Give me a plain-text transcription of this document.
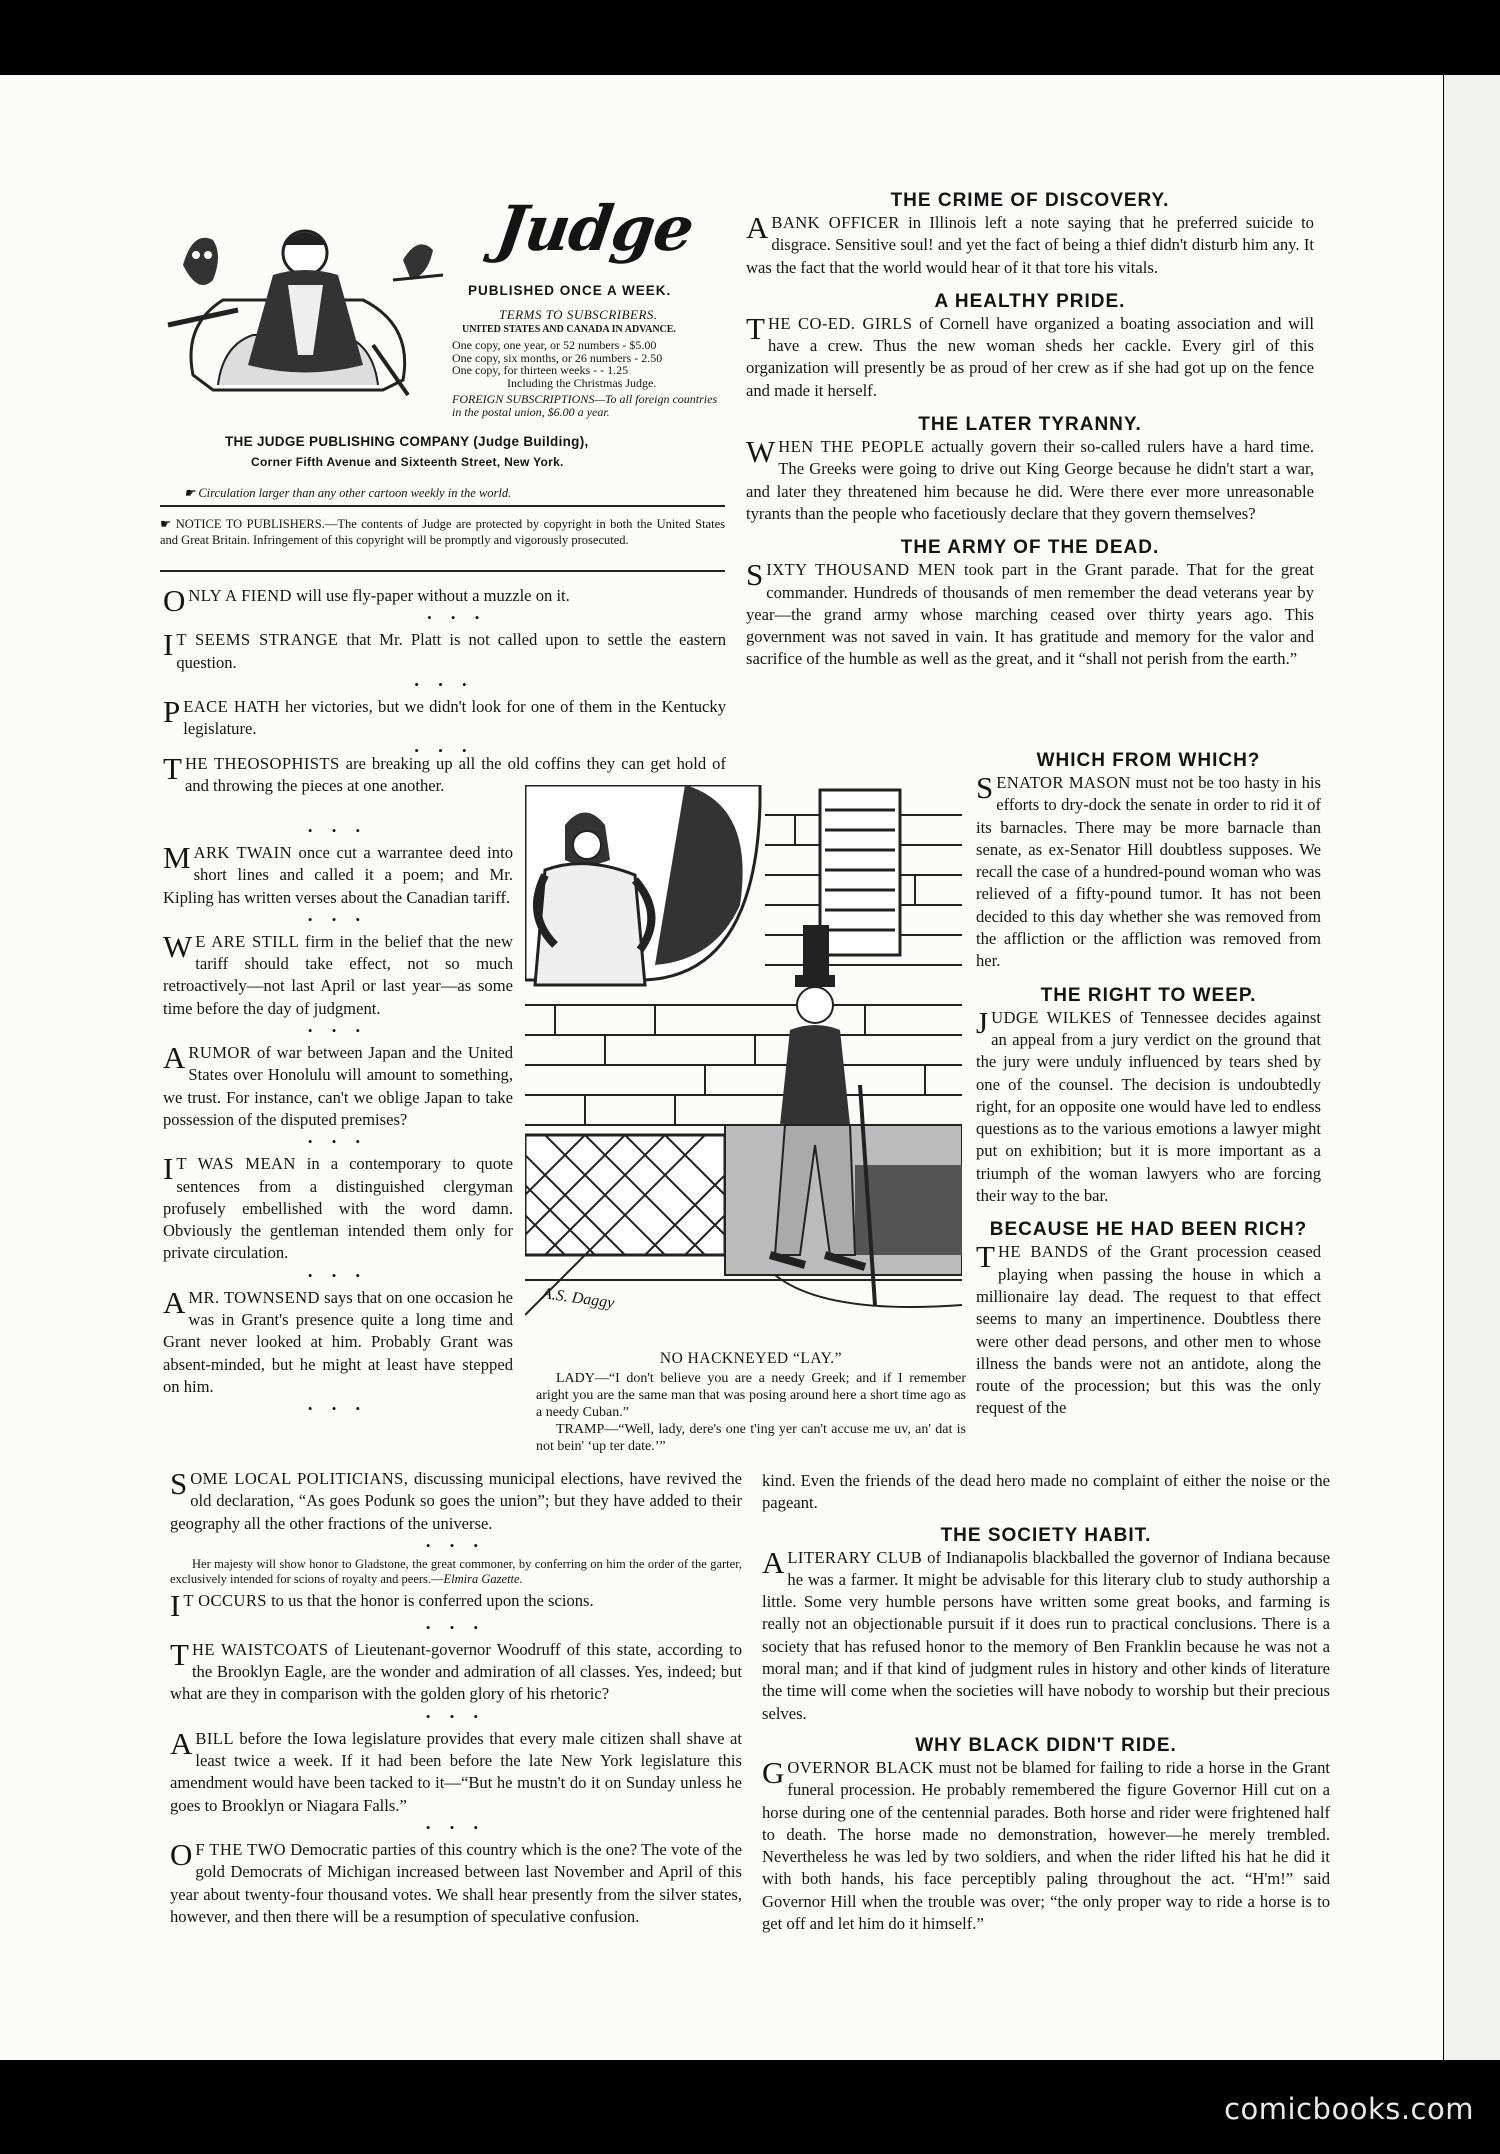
Judge
PUBLISHED ONCE A WEEK.
TERMS TO SUBSCRIBERS.
UNITED STATES AND CANADA IN ADVANCE.
One copy, one year, or 52 numbers - $5.00
One copy, six months, or 26 numbers - 2.50
One copy, for thirteen weeks - - 1.25
Including the Christmas Judge.
FOREIGN SUBSCRIPTIONS—To all foreign countries in the postal union, $6.00 a year.
THE JUDGE PUBLISHING COMPANY (Judge Building),
Corner Fifth Avenue and Sixteenth Street, New York.
☛ Circulation larger than any other cartoon weekly in the world.
☛ NOTICE TO PUBLISHERS.—The contents of Judge are protected by copyright in both the United States and Great Britain. Infringement of this copyright will be promptly and vigorously prosecuted.

ONLY A FIEND will use fly-paper without a muzzle on it.

• • •

I T SEEMS STRANGE that Mr. Platt is not called upon to settle the eastern question.

• • •

PEACE HATH her victories, but we didn't look for one of them in the Kentucky legislature.

• • •

THE THEOSOPHISTS are breaking up all the old coffins they can get hold of and throwing the pieces at one another.

• • •

MARK TWAIN once cut a warrantee deed into short lines and called it a poem; and Mr. Kipling has written verses about the Canadian tariff.

• • •

W E ARE STILL firm in the belief that the new tariff should take effect, not so much retroactively—not last April or last year—as some time before the day of judgment.

• • •

A RUMOR of war between Japan and the United States over Honolulu will amount to something, we trust. For instance, can't we oblige Japan to take possession of the disputed premises?

• • •

I T WAS MEAN in a contemporary to quote sentences from a distinguished clergyman profusely embellished with the word damn. Obviously the gentleman intended them only for private circulation.

• • •

A MR. TOWNSEND says that on one occasion he was in Grant's presence quite a long time and Grant never looked at him. Probably Grant was absent-minded, but he might at least have stepped on him.

• • •
A.S. Daggy
NO HACKNEYED “LAY.”
LADY—“I don't believe you are a needy Greek; and if I remember aright you are the same man that was posing around here a short time ago as a needy Cuban.”
TRAMP—“Well, lady, dere's one t'ing yer can't accuse me uv, an' dat is not bein' ‘up ter date.’”

SOME LOCAL POLITICIANS, discussing municipal elections, have revived the old declaration, “As goes Podunk so goes the union”; but they have added to their geography all the other fractions of the universe.

• • •

Her majesty will show honor to Gladstone, the great commoner, by conferring on him the order of the garter, exclusively intended for scions of royalty and peers.—Elmira Gazette.

I T OCCURS to us that the honor is conferred upon the scions.

• • •

THE WAISTCOATS of Lieutenant-governor Woodruff of this state, according to the Brooklyn Eagle, are the wonder and admiration of all classes. Yes, indeed; but what are they in comparison with the golden glory of his rhetoric?

• • •

A BILL before the Iowa legislature provides that every male citizen shall shave at least twice a week. If it had been before the late New York legislature this amendment would have been tacked to it—“But he mustn't do it on Sunday unless he goes to Brooklyn or Niagara Falls.”

• • •

O F THE TWO Democratic parties of this country which is the one? The vote of the gold Democrats of Michigan increased between last November and April of this year about twenty-four thousand votes. We shall hear presently from the silver states, however, and then there will be a resumption of speculative confusion.

THE CRIME OF DISCOVERY.

A BANK OFFICER in Illinois left a note saying that he preferred suicide to disgrace. Sensitive soul! and yet the fact of being a thief didn't disturb him any. It was the fact that the world would hear of it that tore his vitals.

A HEALTHY PRIDE.

THE CO-ED. GIRLS of Cornell have organized a boating association and will have a crew. Thus the new woman sheds her cackle. Every girl of this organization will presently be as proud of her crew as if she had got up on the fence and made it herself.

THE LATER TYRANNY.

WHEN THE PEOPLE actually govern their so-called rulers have a hard time. The Greeks were going to drive out King George because he didn't start a war, and later they threatened him because he did. Were there ever more unreasonable tyrants than the people who facetiously declare that they govern themselves?

THE ARMY OF THE DEAD.

SIXTY THOUSAND MEN took part in the Grant parade. That for the great commander. Hundreds of thousands of men remember the dead veterans year by year—the grand army whose marching ceased over thirty years ago. This government was not saved in vain. It has gratitude and memory for the valor and sacrifice of the humble as well as the great, and it “shall not perish from the earth.”

WHICH FROM WHICH?

SENATOR MASON must not be too hasty in his efforts to dry-dock the senate in order to rid it of its barnacles. There may be more barnacle than senate, as ex-Senator Hill doubtless supposes. We recall the case of a hundred-pound woman who was relieved of a fifty-pound tumor. It has not been decided to this day whether she was removed from the affliction or the affliction was removed from her.

THE RIGHT TO WEEP.

JUDGE WILKES of Tennessee decides against an appeal from a jury verdict on the ground that the jury were unduly influenced by tears shed by one of the counsel. The decision is undoubtedly right, for an opposite one would have led to endless questions as to the various emotions a lawyer might put on exhibition; but it is more important as a triumph of the woman lawyers who are forcing their way to the bar.

BECAUSE HE HAD BEEN RICH?

THE BANDS of the Grant procession ceased playing when passing the house in which a millionaire lay dead. The request to that effect seems to many an impertinence. Doubtless there were other dead persons, and other men to whose illness the bands were not an antidote, along the route of the procession; but this was the only request of the

kind. Even the friends of the dead hero made no complaint of either the noise or the pageant.

THE SOCIETY HABIT.

A LITERARY CLUB of Indianapolis blackballed the governor of Indiana because he was a farmer. It might be advisable for this literary club to study authorship a little. Some very humble persons have written some great books, and farming is really not an objectionable pursuit if it does run to practical conclusions. There is a society that has refused honor to the memory of Ben Franklin because he was not a moral man; and if that kind of judgment rules in history and other kinds of literature the time will come when the societies will have nobody to worship but their precious selves.

WHY BLACK DIDN'T RIDE.

GOVERNOR BLACK must not be blamed for failing to ride a horse in the Grant funeral procession. He probably remembered the figure Governor Hill cut on a horse during one of the centennial parades. Both horse and rider were frightened half to death. The horse made no demonstration, however—he merely trembled. Nevertheless he was led by two soldiers, and when the rider lifted his hat he did it with both hands, his face perceptibly paling throughout the act. “H'm!” said Governor Hill when the trouble was over; “the only proper way to ride a horse is to get off and let him do it himself.”

comicbooks.com
